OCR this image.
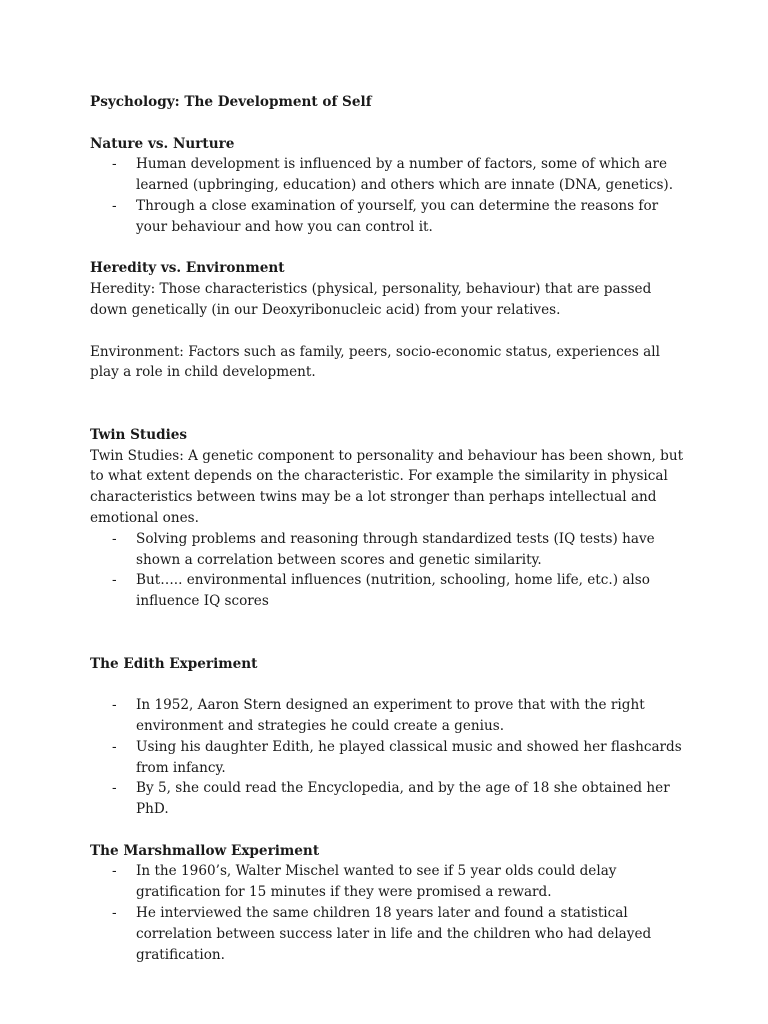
Psychology: The Development of Self

Nature vs. Nurture

- Human development is influenced by a number of factors, some of which are learned (upbringing, education) and others which are innate (DNA, genetics).
- Through a close examination of yourself, you can determine the reasons for your behaviour and how you can control it.

Heredity vs. Environment

Heredity: Those characteristics (physical, personality, behaviour) that are passed down genetically (in our Deoxyribonucleic acid) from your relatives.

Environment: Factors such as family, peers, socio-economic status, experiences all play a role in child development.

Twin Studies

Twin Studies: A genetic component to personality and behaviour has been shown, but to what extent depends on the characteristic. For example the similarity in physical characteristics between twins may be a lot stronger than perhaps intellectual and emotional ones.

- Solving problems and reasoning through standardized tests (IQ tests) have shown a correlation between scores and genetic similarity.
- But….. environmental influences (nutrition, schooling, home life, etc.) also influence IQ scores

The Edith Experiment

- In 1952, Aaron Stern designed an experiment to prove that with the right environment and strategies he could create a genius.
- Using his daughter Edith, he played classical music and showed her flashcards from infancy.
- By 5, she could read the Encyclopedia, and by the age of 18 she obtained her PhD.

The Marshmallow Experiment

- In the 1960’s, Walter Mischel wanted to see if 5 year olds could delay gratification for 15 minutes if they were promised a reward.
- He interviewed the same children 18 years later and found a statistical correlation between success later in life and the children who had delayed gratification.
